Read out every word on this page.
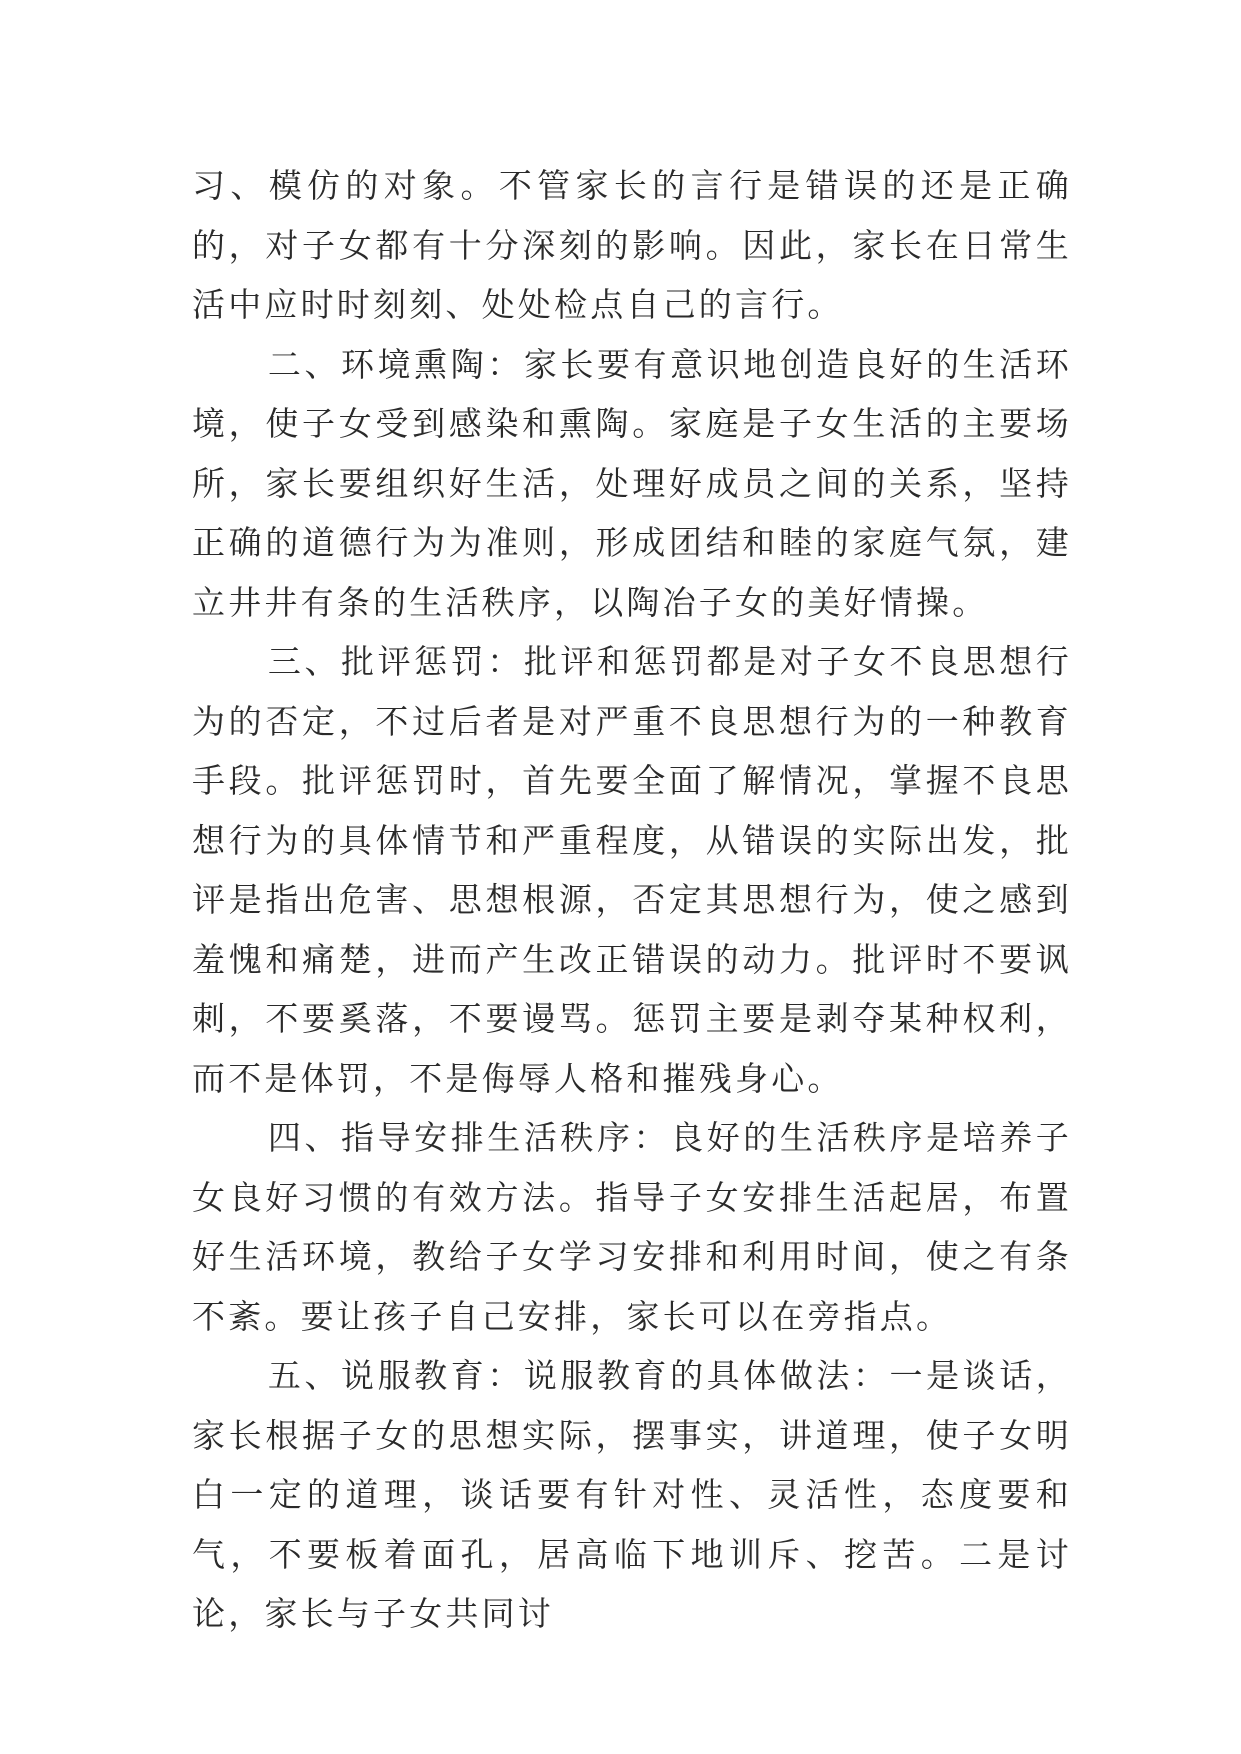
习、模仿的对象。不管家长的言行是错误的还是正确的，对子女都有十分深刻的影响。因此，家长在日常生活中应时时刻刻、处处检点自己的言行。

二、环境熏陶：家长要有意识地创造良好的生活环境，使子女受到感染和熏陶。家庭是子女生活的主要场所，家长要组织好生活，处理好成员之间的关系，坚持正确的道德行为为准则，形成团结和睦的家庭气氛，建立井井有条的生活秩序，以陶冶子女的美好情操。

三、批评惩罚：批评和惩罚都是对子女不良思想行为的否定，不过后者是对严重不良思想行为的一种教育手段。批评惩罚时，首先要全面了解情况，掌握不良思想行为的具体情节和严重程度，从错误的实际出发，批评是指出危害、思想根源，否定其思想行为，使之感到羞愧和痛楚，进而产生改正错误的动力。批评时不要讽刺，不要奚落，不要谩骂。惩罚主要是剥夺某种权利，而不是体罚，不是侮辱人格和摧残身心。

四、指导安排生活秩序：良好的生活秩序是培养子女良好习惯的有效方法。指导子女安排生活起居，布置好生活环境，教给子女学习安排和利用时间，使之有条不紊。要让孩子自己安排，家长可以在旁指点。

五、说服教育：说服教育的具体做法：一是谈话，家长根据子女的思想实际，摆事实，讲道理，使子女明白一定的道理，谈话要有针对性、灵活性，态度要和气，不要板着面孔，居高临下地训斥、挖苦。二是讨论，家长与子女共同讨
